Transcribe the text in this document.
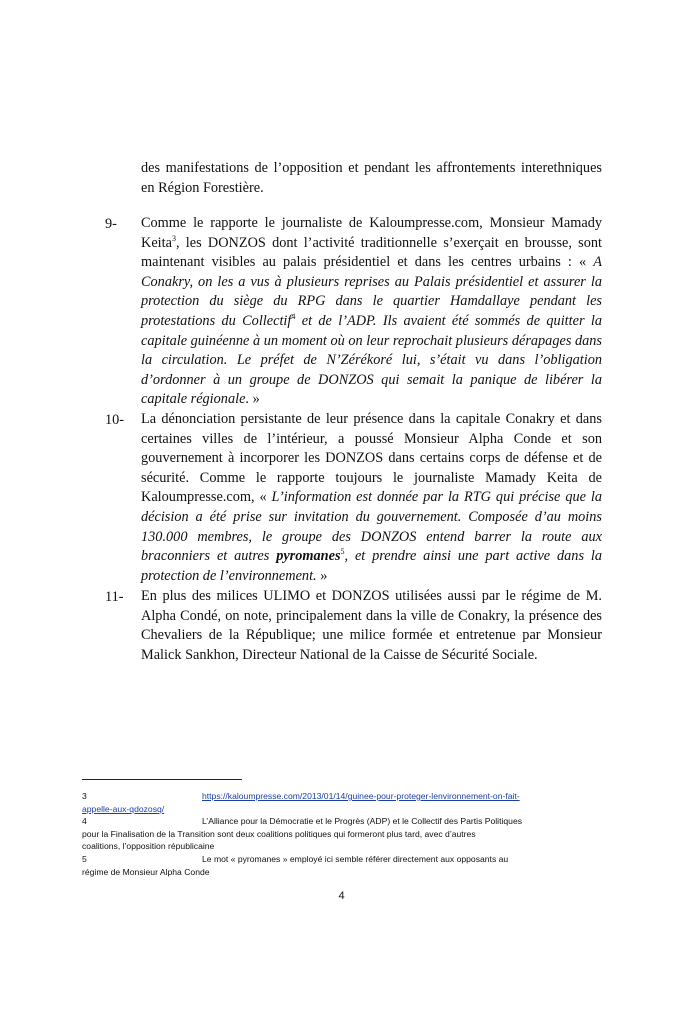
des manifestations de l’opposition et pendant les affrontements interethniques en Région Forestière.
9- Comme le rapporte le journaliste de Kaloumpresse.com, Monsieur Mamady Keita$^3$, les DONZOS dont l’activité traditionnelle s’exerçait en brousse, sont maintenant visibles au palais présidentiel et dans les centres urbains : « A Conakry, on les a vus à plusieurs reprises au Palais présidentiel et assurer la protection du siège du RPG dans le quartier Hamdallaye pendant les protestations du Collectif$^4$ et de l’ADP. Ils avaient été sommés de quitter la capitale guinéenne à un moment où on leur reprochait plusieurs dérapages dans la circulation. Le préfet de N’Zérékoré lui, s’était vu dans l’obligation d’ordonner à un groupe de DONZOS qui semait la panique de libérer la capitale régionale. »
10- La dénonciation persistante de leur présence dans la capitale Conakry et dans certaines villes de l’intérieur, a poussé Monsieur Alpha Conde et son gouvernement à incorporer les DONZOS dans certains corps de défense et de sécurité. Comme le rapporte toujours le journaliste Mamady Keita de Kaloumpresse.com, « L’information est donnée par la RTG qui précise que la décision a été prise sur invitation du gouvernement. Composée d’au moins 130.000 membres, le groupe des DONZOS entend barrer la route aux braconniers et autres pyromanes$^5$, et prendre ainsi une part active dans la protection de l’environnement. »
11- En plus des milices ULIMO et DONZOS utilisées aussi par le régime de M. Alpha Condé, on note, principalement dans la ville de Conakry, la présence des Chevaliers de la République; une milice formée et entretenue par Monsieur Malick Sankhon, Directeur National de la Caisse de Sécurité Sociale.
3	https://kaloumpresse.com/2013/01/14/guinee-pour-proteger-lenvironnement-on-fait-
appelle-aux-qdozosq/
4	L’Alliance pour la Démocratie et le Progrès (ADP) et le Collectif des Partis Politiques
pour la Finalisation de la Transition sont deux coalitions politiques qui formeront plus tard, avec d’autres
coalitions, l’opposition républicaine
5	Le mot « pyromanes » employé ici semble référer directement aux opposants au
régime de Monsieur Alpha Conde
4
